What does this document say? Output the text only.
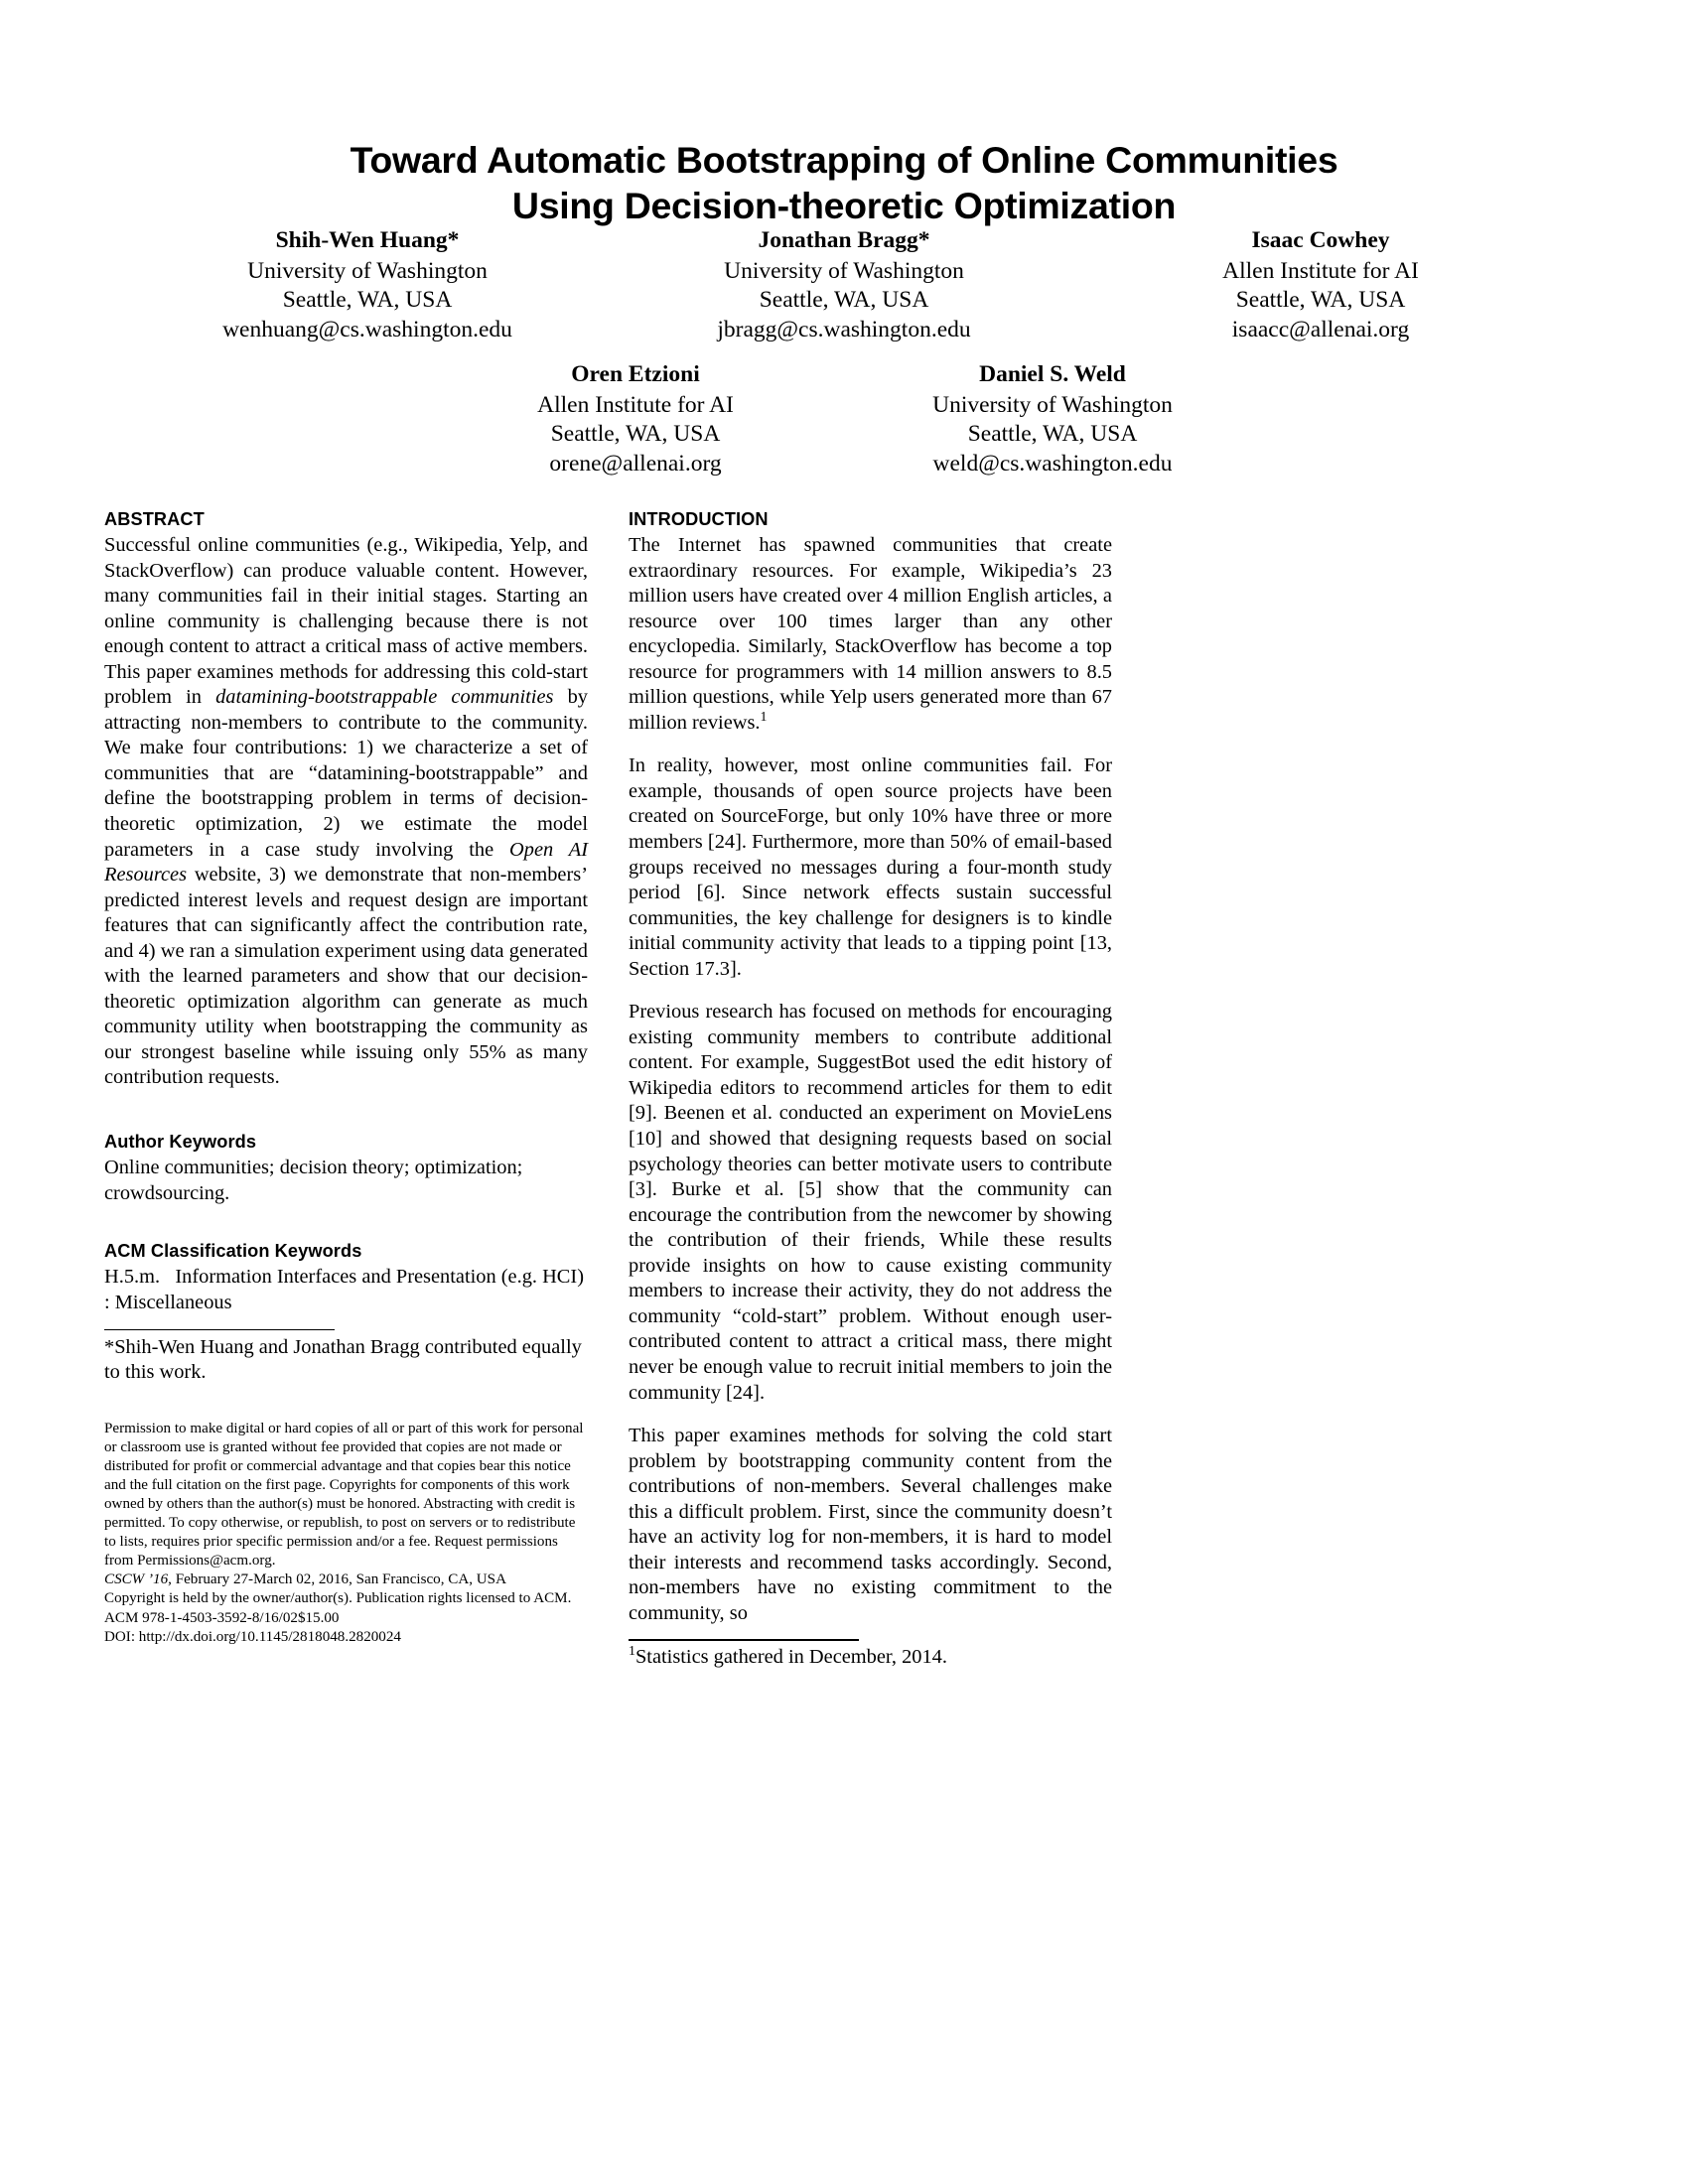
Toward Automatic Bootstrapping of Online Communities
Using Decision-theoretic Optimization
Shih-Wen Huang*
University of Washington
Seattle, WA, USA
wenhuang@cs.washington.edu
Jonathan Bragg*
University of Washington
Seattle, WA, USA
jbragg@cs.washington.edu
Isaac Cowhey
Allen Institute for AI
Seattle, WA, USA
isaacc@allenai.org
Oren Etzioni
Allen Institute for AI
Seattle, WA, USA
orene@allenai.org
Daniel S. Weld
University of Washington
Seattle, WA, USA
weld@cs.washington.edu
ABSTRACT

Successful online communities (e.g., Wikipedia, Yelp, and StackOverflow) can produce valuable content. However, many communities fail in their initial stages. Starting an online community is challenging because there is not enough content to attract a critical mass of active members. This paper examines methods for addressing this cold-start problem in datamining-bootstrappable communities by attracting non-members to contribute to the community. We make four contributions: 1) we characterize a set of communities that are “datamining-bootstrappable” and define the bootstrapping problem in terms of decision-theoretic optimization, 2) we estimate the model parameters in a case study involving the Open AI Resources website, 3) we demonstrate that non-members’ predicted interest levels and request design are important features that can significantly affect the contribution rate, and 4) we ran a simulation experiment using data generated with the learned parameters and show that our decision-theoretic optimization algorithm can generate as much community utility when bootstrapping the community as our strongest baseline while issuing only 55% as many contribution requests.

Author Keywords

Online communities; decision theory; optimization; crowdsourcing.

ACM Classification Keywords

H.5.m.  Information Interfaces and Presentation (e.g. HCI) : Miscellaneous

*Shih-Wen Huang and Jonathan Bragg contributed equally to this work.

Permission to make digital or hard copies of all or part of this work for personal or classroom use is granted without fee provided that copies are not made or distributed for profit or commercial advantage and that copies bear this notice and the full citation on the first page. Copyrights for components of this work owned by others than the author(s) must be honored. Abstracting with credit is permitted. To copy otherwise, or republish, to post on servers or to redistribute to lists, requires prior specific permission and/or a fee. Request permissions from Permissions@acm.org.

CSCW ’16, February 27-March 02, 2016, San Francisco, CA, USA

Copyright is held by the owner/author(s). Publication rights licensed to ACM.

ACM 978-1-4503-3592-8/16/02$15.00

DOI: http://dx.doi.org/10.1145/2818048.2820024

INTRODUCTION

The Internet has spawned communities that create extraordinary resources. For example, Wikipedia’s 23 million users have created over 4 million English articles, a resource over 100 times larger than any other encyclopedia. Similarly, StackOverflow has become a top resource for programmers with 14 million answers to 8.5 million questions, while Yelp users generated more than 67 million reviews.$^1$

In reality, however, most online communities fail. For example, thousands of open source projects have been created on SourceForge, but only 10% have three or more members [24]. Furthermore, more than 50% of email-based groups received no messages during a four-month study period [6]. Since network effects sustain successful communities, the key challenge for designers is to kindle initial community activity that leads to a tipping point [13, Section 17.3].

Previous research has focused on methods for encouraging existing community members to contribute additional content. For example, SuggestBot used the edit history of Wikipedia editors to recommend articles for them to edit [9]. Beenen et al. conducted an experiment on MovieLens [10] and showed that designing requests based on social psychology theories can better motivate users to contribute [3]. Burke et al. [5] show that the community can encourage the contribution from the newcomer by showing the contribution of their friends, While these results provide insights on how to cause existing community members to increase their activity, they do not address the community “cold-start” problem. Without enough user-contributed content to attract a critical mass, there might never be enough value to recruit initial members to join the community [24].

This paper examines methods for solving the cold start problem by bootstrapping community content from the contributions of non-members. Several challenges make this a difficult problem. First, since the community doesn’t have an activity log for non-members, it is hard to model their interests and recommend tasks accordingly. Second, non-members have no existing commitment to the community, so

$^1$Statistics gathered in December, 2014.
